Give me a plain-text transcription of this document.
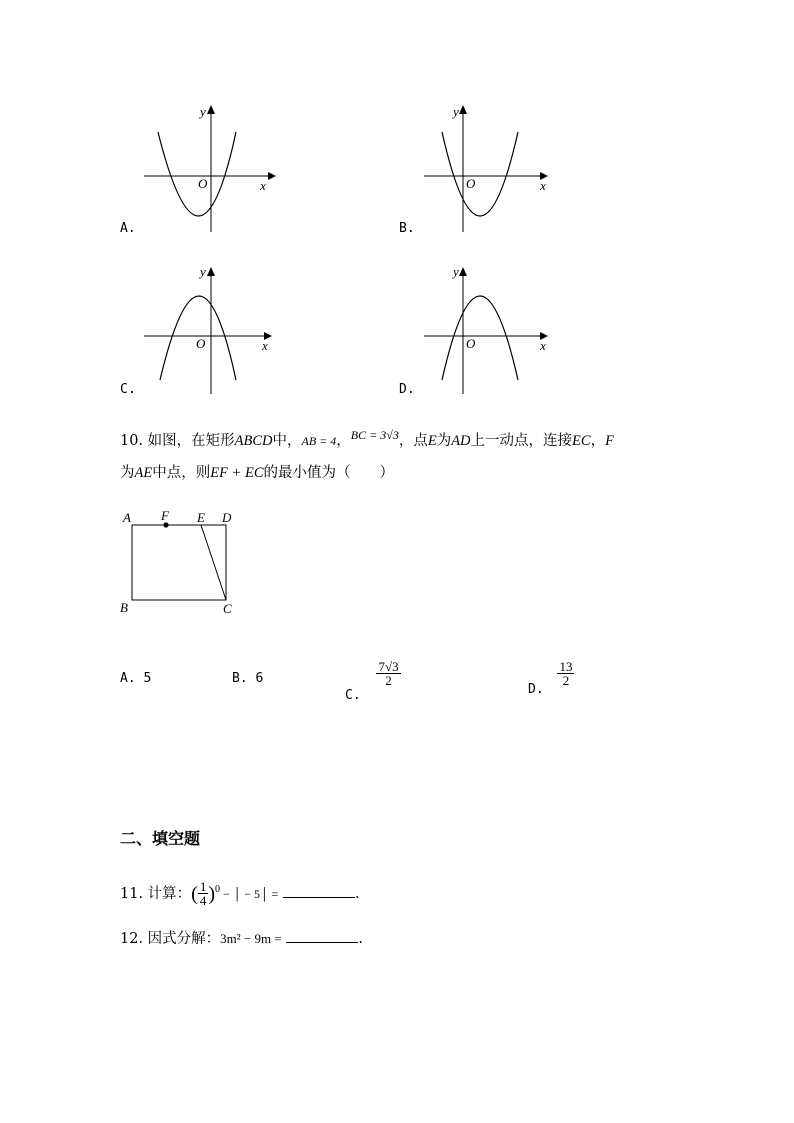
y
x
O
A.
y
x
O
B.
y
x
O
C.
y
x
O
D.
10. 如图，在矩形ABCD中，AB = 4，$^{BC = 3√3}$，点E为AD上一动点，连接EC，F
为AE中点，则EF + EC的最小值为（　　）
A F E D
B	C
A. 5	B. 6
C.
$\frac{7√3}{2}$
D.
$\frac{13}{2}$
二、填空题
11. 计算：( $\frac{1}{4} )^0$ − │ − 5│ =	.
12. 因式分解：3m² − 9m =	.
